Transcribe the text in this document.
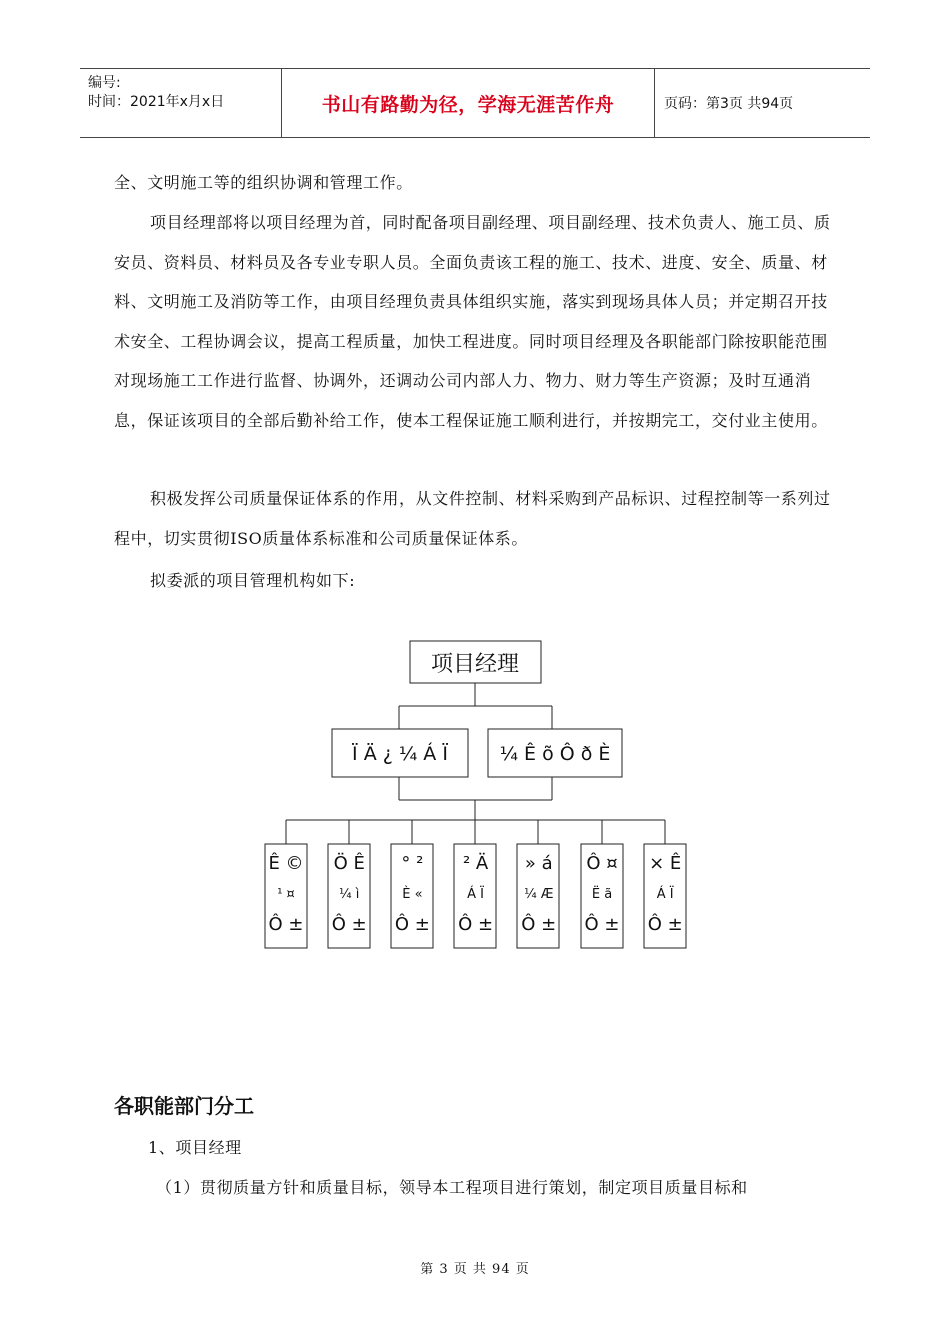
编号:
时间：2021年x月x日	书山有路勤为径，学海无涯苦作舟	页码：第3页 共94页

全、文明施工等的组织协调和管理工作。

项目经理部将以项目经理为首，同时配备项目副经理、项目副经理、技术负责人、施工员、质安员、资料员、材料员及各专业专职人员。全面负责该工程的施工、技术、进度、安全、质量、材料、文明施工及消防等工作，由项目经理负责具体组织实施，落实到现场具体人员；并定期召开技术安全、工程协调会议，提高工程质量，加快工程进度。同时项目经理及各职能部门除按职能范围对现场施工工作进行监督、协调外，还调动公司内部人力、物力、财力等生产资源；及时互通消息，保证该项目的全部后勤补给工作，使本工程保证施工顺利进行，并按期完工，交付业主使用。

积极发挥公司质量保证体系的作用，从文件控制、材料采购到产品标识、过程控制等一系列过程中，切实贯彻ISO质量体系标准和公司质量保证体系。

拟委派的项目管理机构如下:

项目经理
Ï Ä ¿ ¼ Á Ï	¼ Ê õ Ô ð È
Ê ©
¹ ¤
Ô ±
Ö Ê
¼ ì
Ô ±
° ²
È «
Ô ±
² Ä
Á Ï
Ô ±
» á
¼ Æ
Ô ±
Ô ¤
Ë ã
Ô ±
× Ê
Á Ï
Ô ±
各职能部门分工
1、项目经理
（1）贯彻质量方针和质量目标，领导本工程项目进行策划，制定项目质量目标和
第 3 页 共 94 页
